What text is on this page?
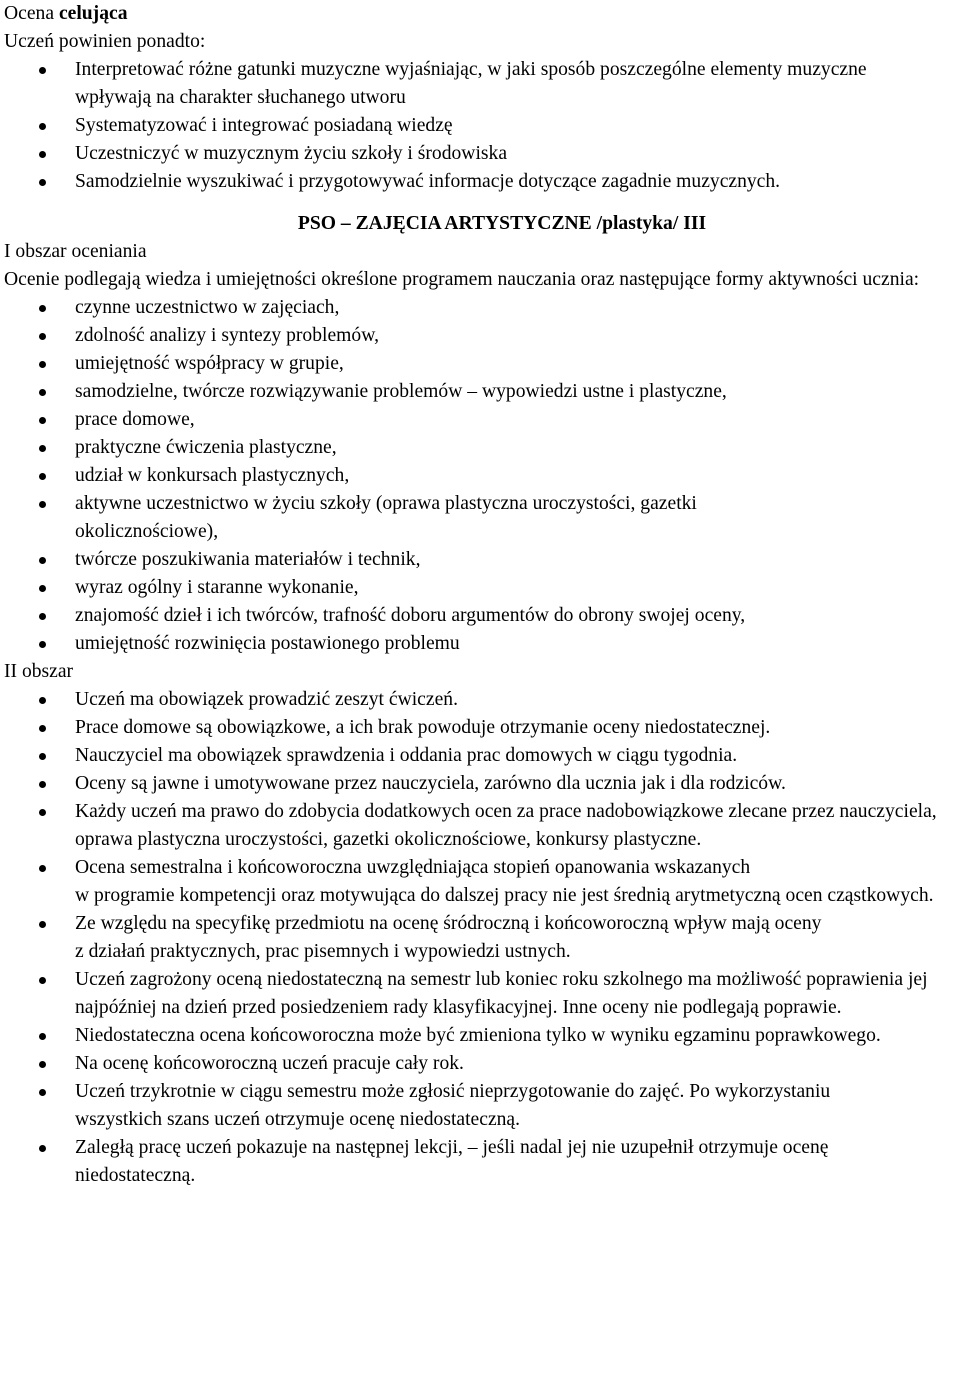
Ocena celująca

Uczeń powinien ponadto:

Interpretować różne gatunki muzyczne wyjaśniając, w jaki sposób poszczególne elementy muzyczne wpływają na charakter słuchanego utworu
Systematyzować i integrować posiadaną wiedzę
Uczestniczyć w muzycznym życiu szkoły i środowiska
Samodzielnie wyszukiwać i przygotowywać informacje dotyczące zagadnie muzycznych.

PSO – ZAJĘCIA ARTYSTYCZNE /plastyka/ III

I obszar oceniania

Ocenie podlegają wiedza i umiejętności określone programem nauczania oraz następujące formy aktywności ucznia:

czynne uczestnictwo w zajęciach,
zdolność analizy i syntezy problemów,
umiejętność współpracy w grupie,
samodzielne, twórcze rozwiązywanie problemów – wypowiedzi ustne i plastyczne,
prace domowe,
praktyczne ćwiczenia plastyczne,
udział w konkursach plastycznych,
aktywne uczestnictwo w życiu szkoły (oprawa plastyczna uroczystości, gazetki okolicznościowe),
twórcze poszukiwania materiałów i technik,
wyraz ogólny i staranne wykonanie,
znajomość dzieł i ich twórców, trafność doboru argumentów do obrony swojej oceny,
umiejętność rozwinięcia postawionego problemu

II obszar

Uczeń ma obowiązek prowadzić zeszyt ćwiczeń.
Prace domowe są obowiązkowe, a ich brak powoduje otrzymanie oceny niedostatecznej.
Nauczyciel ma obowiązek sprawdzenia i oddania prac domowych w ciągu tygodnia.
Oceny są jawne i umotywowane przez nauczyciela, zarówno dla ucznia jak i dla rodziców.
Każdy uczeń ma prawo do zdobycia dodatkowych ocen za prace nadobowiązkowe zlecane przez nauczyciela, oprawa plastyczna uroczystości, gazetki okolicznościowe, konkursy plastyczne.
Ocena semestralna i końcoworoczna uwzględniająca stopień opanowania wskazanych
w programie kompetencji oraz motywująca do dalszej pracy nie jest średnią arytmetyczną ocen cząstkowych.
Ze względu na specyfikę przedmiotu na ocenę śródroczną i końcoworoczną wpływ mają oceny
z działań praktycznych, prac pisemnych i wypowiedzi ustnych.
Uczeń zagrożony oceną niedostateczną na semestr lub koniec roku szkolnego ma możliwość poprawienia jej najpóźniej na dzień przed posiedzeniem rady klasyfikacyjnej. Inne oceny nie podlegają poprawie.
Niedostateczna ocena końcoworoczna może być zmieniona tylko w wyniku egzaminu poprawkowego.
Na ocenę końcoworoczną uczeń pracuje cały rok.
Uczeń trzykrotnie w ciągu semestru może zgłosić nieprzygotowanie do zajęć. Po wykorzystaniu wszystkich szans uczeń otrzymuje ocenę niedostateczną.
Zaległą pracę uczeń pokazuje na następnej lekcji, – jeśli nadal jej nie uzupełnił otrzymuje ocenę niedostateczną.
